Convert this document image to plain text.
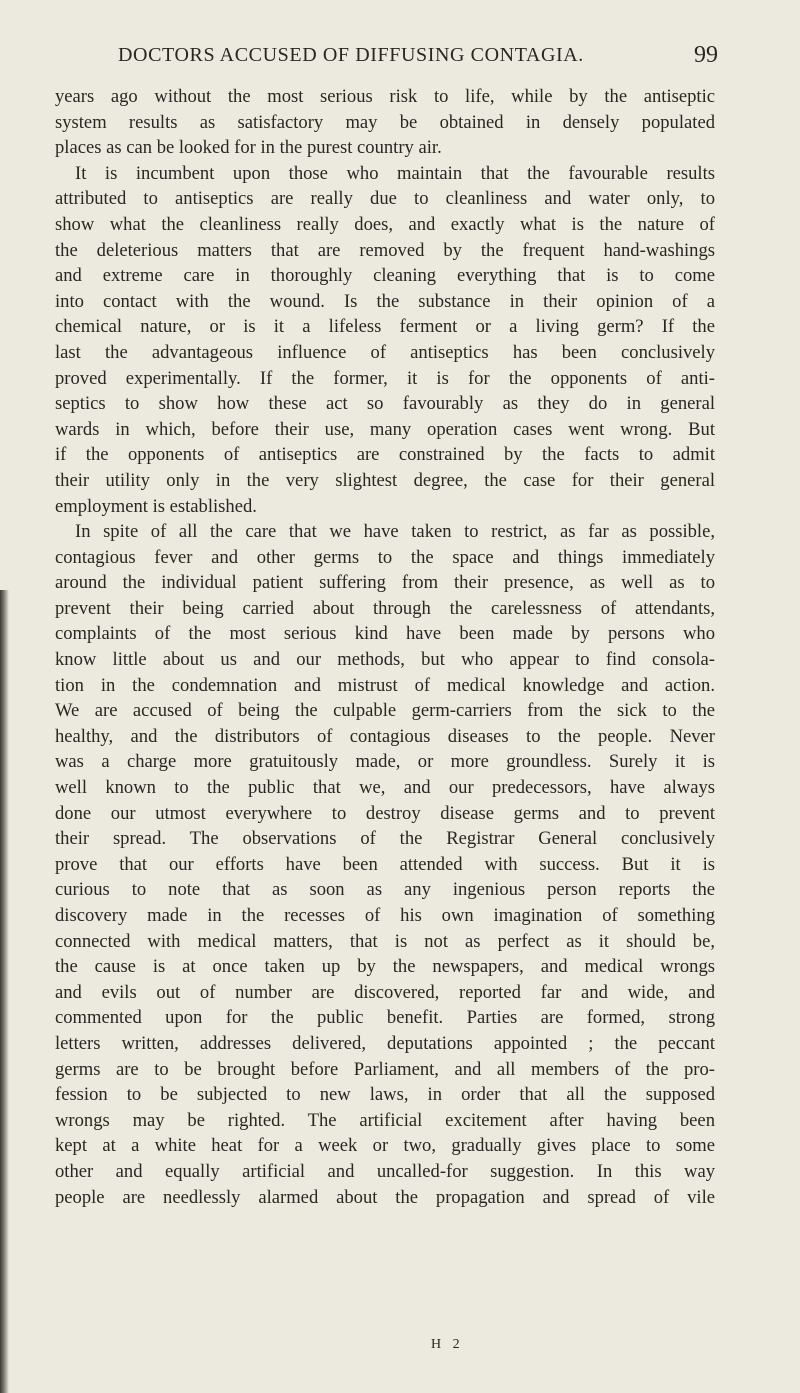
DOCTORS ACCUSED OF DIFFUSING CONTAGIA.	99
years ago without the most serious risk to life, while by the antiseptic
system results as satisfactory may be obtained in densely populated
places as can be looked for in the purest country air.
It is incumbent upon those who maintain that the favourable results
attributed to antiseptics are really due to cleanliness and water only, to
show what the cleanliness really does, and exactly what is the nature of
the deleterious matters that are removed by the frequent hand-washings
and extreme care in thoroughly cleaning everything that is to come
into contact with the wound. Is the substance in their opinion of a
chemical nature, or is it a lifeless ferment or a living germ? If the
last the advantageous influence of antiseptics has been conclusively
proved experimentally. If the former, it is for the opponents of anti-
septics to show how these act so favourably as they do in general
wards in which, before their use, many operation cases went wrong. But
if the opponents of antiseptics are constrained by the facts to admit
their utility only in the very slightest degree, the case for their general
employment is established.
In spite of all the care that we have taken to restrict, as far as possible,
contagious fever and other germs to the space and things immediately
around the individual patient suffering from their presence, as well as to
prevent their being carried about through the carelessness of attendants,
complaints of the most serious kind have been made by persons who
know little about us and our methods, but who appear to find consola-
tion in the condemnation and mistrust of medical knowledge and action.
We are accused of being the culpable germ-carriers from the sick to the
healthy, and the distributors of contagious diseases to the people. Never
was a charge more gratuitously made, or more groundless. Surely it is
well known to the public that we, and our predecessors, have always
done our utmost everywhere to destroy disease germs and to prevent
their spread. The observations of the Registrar General conclusively
prove that our efforts have been attended with success. But it is
curious to note that as soon as any ingenious person reports the
discovery made in the recesses of his own imagination of something
connected with medical matters, that is not as perfect as it should be,
the cause is at once taken up by the newspapers, and medical wrongs
and evils out of number are discovered, reported far and wide, and
commented upon for the public benefit. Parties are formed, strong
letters written, addresses delivered, deputations appointed ; the peccant
germs are to be brought before Parliament, and all members of the pro-
fession to be subjected to new laws, in order that all the supposed
wrongs may be righted. The artificial excitement after having been
kept at a white heat for a week or two, gradually gives place to some
other and equally artificial and uncalled-for suggestion. In this way
people are needlessly alarmed about the propagation and spread of vile
H 2
